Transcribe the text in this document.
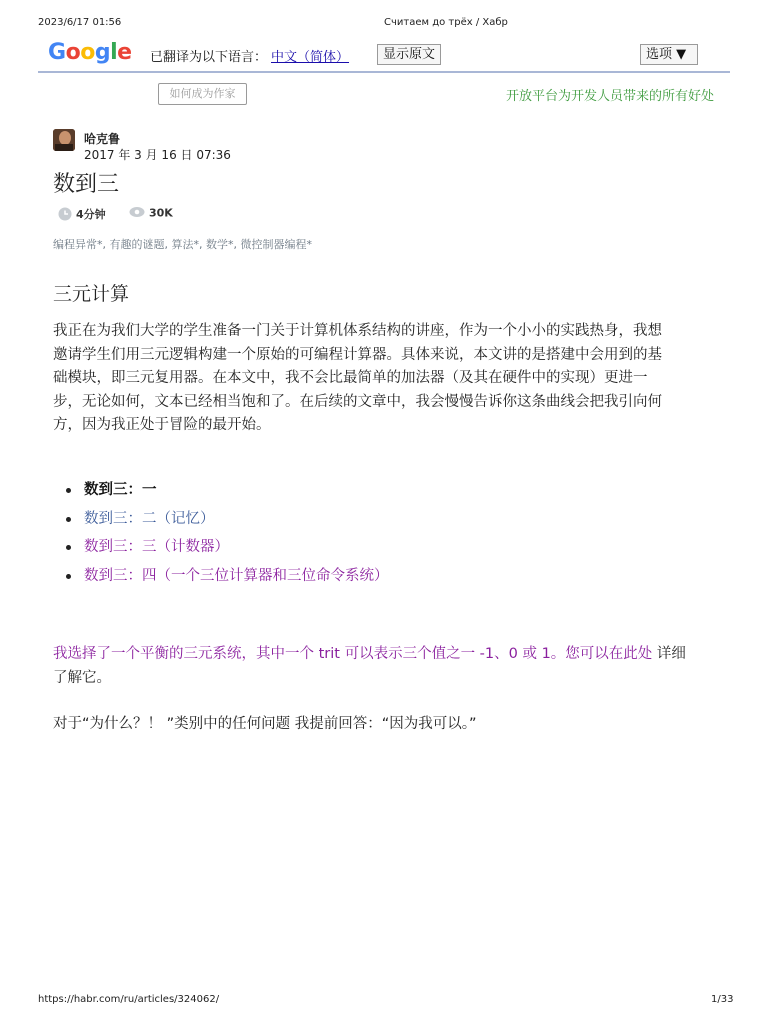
2023/6/17 01:56	Считаем до трёх / Хабр
Google 已翻译为以下语言： 中文（简体）	显示原文	选项 ▼
如何成为作家	开放平台为开发人员带来的所有好处
哈克鲁
2017 年 3 月 16 日 07:36
数到三
4分钟	30K
编程异常*, 有趣的谜题, 算法*, 数学*, 微控制器编程*
三元计算

我正在为我们大学的学生准备一门关于计算机体系结构的讲座，作为一个小小的实践热身，我想

邀请学生们用三元逻辑构建一个原始的可编程计算器。具体来说，本文讲的是搭建中会用到的基

础模块，即三元复用器。在本文中，我不会比最简单的加法器（及其在硬件中的实现）更进一

步，无论如何，文本已经相当饱和了。在后续的文章中，我会慢慢告诉你这条曲线会把我引向何

方，因为我正处于冒险的最开始。

数到三：一
数到三：二（记忆）
数到三：三（计数器）
数到三：四（一个三位计算器和三位命令系统）
我选择了一个平衡的三元系统，其中一个 trit 可以表示三个值之一 -1、0 或 1。您可以在此处 详细
了解它。
对于“为什么？！ ”类别中的任何问题 我提前回答：“因为我可以。”
https://habr.com/ru/articles/324062/	1/33
